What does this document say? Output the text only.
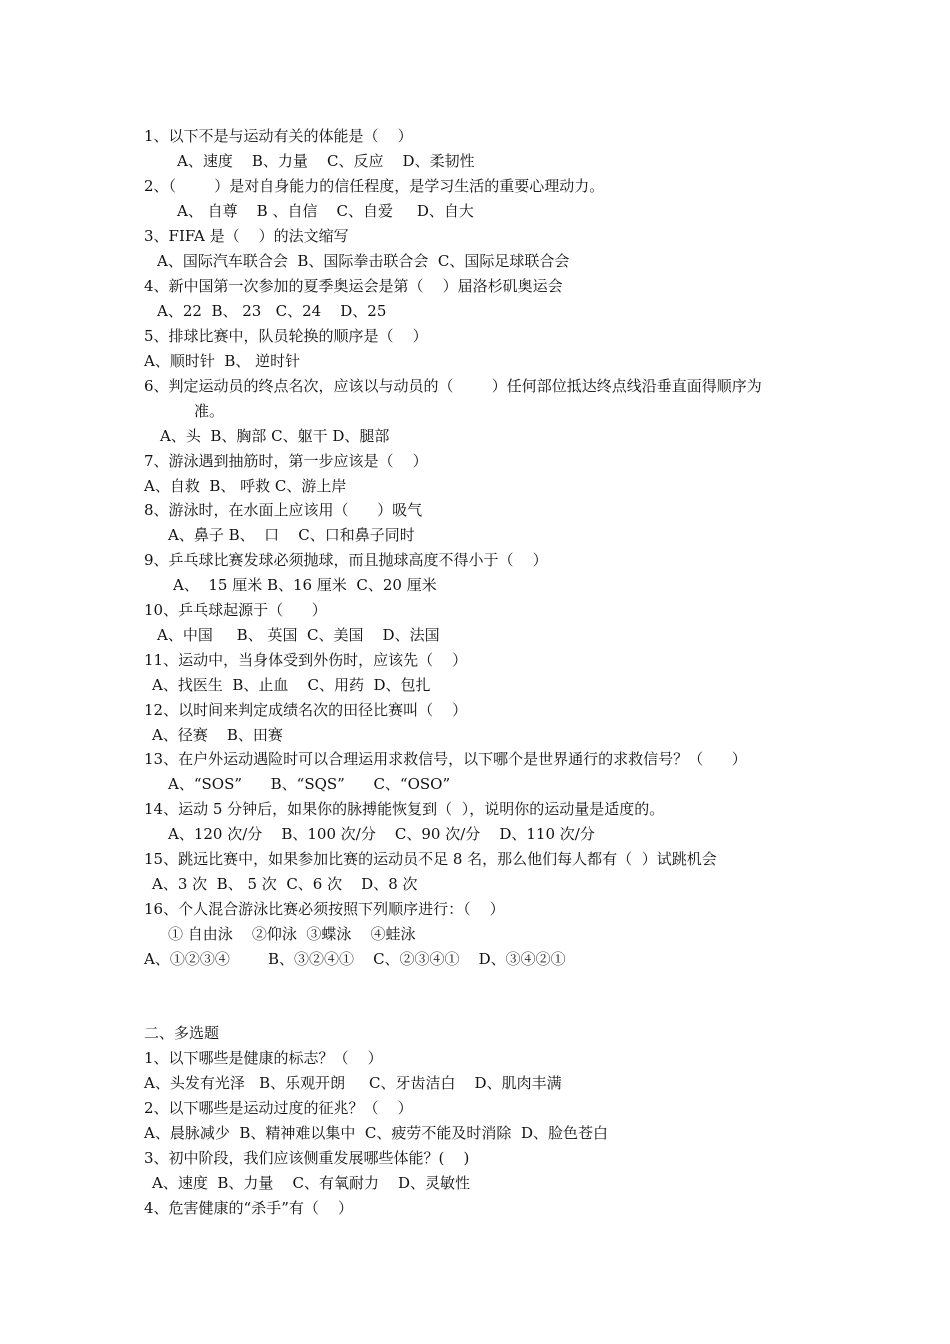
1、以下不是与运动有关的体能是（    ）
A、速度    B、力量    C、反应    D、柔韧性
2、（        ）是对自身能力的信任程度，是学习生活的重要心理动力。
A、 自尊    B 、自信    C、自爱     D、自大
3、FIFA 是（    ）的法文缩写
A、国际汽车联合会  B、国际拳击联合会  C、国际足球联合会
4、新中国第一次参加的夏季奥运会是第（    ）届洛杉矶奥运会
A、22  B、 23   C、24    D、25
5、排球比赛中，队员轮换的顺序是（    ）
A、顺时针  B、 逆时针
6、判定运动员的终点名次，应该以与动员的（        ）任何部位抵达终点线沿垂直面得顺序为
准。
A、头  B、胸部 C、躯干 D、腿部
7、游泳遇到抽筋时，第一步应该是（    ）
A、自救  B、 呼救 C、游上岸
8、游泳时，在水面上应该用（      ）吸气
A、鼻子 B、  口    C、口和鼻子同时
9、乒乓球比赛发球必须抛球，而且抛球高度不得小于（    ）
A、  15 厘米 B、16 厘米  C、20 厘米
10、乒乓球起源于（      ）
A、中国     B、 英国  C、美国    D、法国
11、运动中，当身体受到外伤时，应该先（    ）
A、找医生  B、止血    C、用药  D、包扎
12、以时间来判定成绩名次的田径比赛叫（    ）
A、径赛    B、田赛
13、在户外运动遇险时可以合理运用求救信号，以下哪个是世界通行的求救信号？（      ）
A、“SOS”      B、“SQS”      C、“OSO”
14、运动 5 分钟后，如果你的脉搏能恢复到（  ），说明你的运动量是适度的。
A、120 次/分    B、100 次/分    C、90 次/分    D、110 次/分
15、跳远比赛中，如果参加比赛的运动员不足 8 名，那么他们每人都有（  ）试跳机会
A、3 次  B、 5 次  C、6 次    D、8 次
16、个人混合游泳比赛必须按照下列顺序进行：（    ）
① 自由泳    ②仰泳  ③蝶泳    ④蛙泳
A、①②③④        B、③②④①    C、②③④①    D、③④②①
二、多选题
1、以下哪些是健康的标志？（    ）
A、头发有光泽   B、乐观开朗     C、牙齿洁白    D、肌肉丰满
2、以下哪些是运动过度的征兆？（    ）
A、晨脉减少  B、精神难以集中  C、疲劳不能及时消除  D、脸色苍白
3、初中阶段，我们应该侧重发展哪些体能？(    )
A、速度  B、力量    C、有氧耐力    D、灵敏性
4、危害健康的“杀手”有（    ）
